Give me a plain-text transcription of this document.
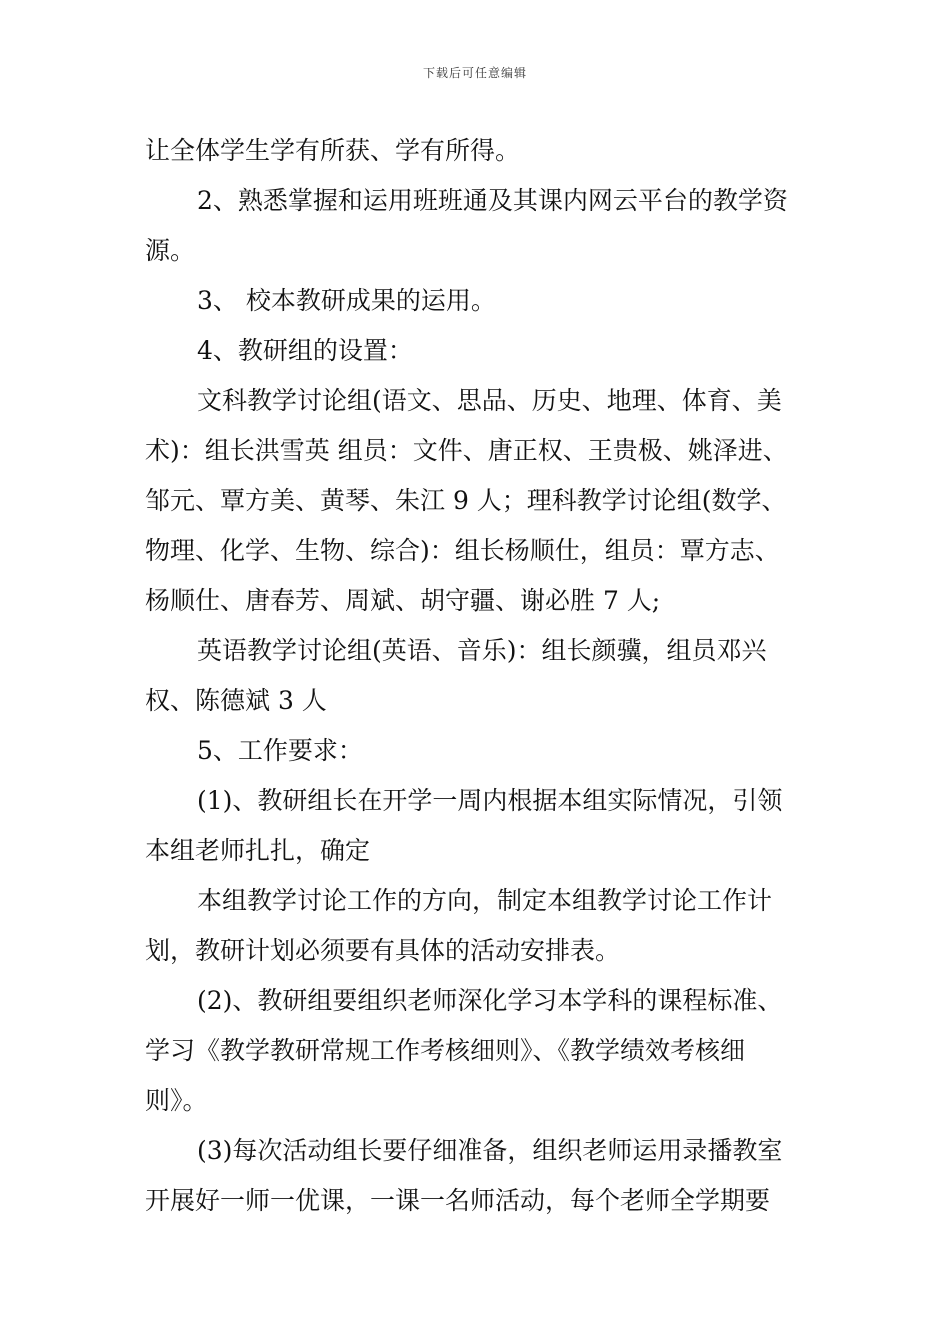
下载后可任意编辑
让全体学生学有所获、学有所得。
2、熟悉掌握和运用班班通及其课内网云平台的教学资
源。
3、 校本教研成果的运用。
4、教研组的设置：
文科教学讨论组(语文、思品、历史、地理、体育、美
术)：组长洪雪英 组员：文件、唐正权、王贵极、姚泽进、
邹元、覃方美、黄琴、朱江 9 人；理科教学讨论组(数学、
物理、化学、生物、综合)：组长杨顺仕，组员：覃方志、
杨顺仕、唐春芳、周斌、胡守疆、谢必胜 7 人;
英语教学讨论组(英语、音乐)：组长颜骥，组员邓兴
权、陈德斌 3 人
5、工作要求：
(1)、教研组长在开学一周内根据本组实际情况，引领
本组老师扎扎，确定
本组教学讨论工作的方向，制定本组教学讨论工作计
划，教研计划必须要有具体的活动安排表。
(2)、教研组要组织老师深化学习本学科的课程标准、
学习《教学教研常规工作考核细则》、《教学绩效考核细
则》。
(3)每次活动组长要仔细准备，组织老师运用录播教室
开展好一师一优课，一课一名师活动，每个老师全学期要
